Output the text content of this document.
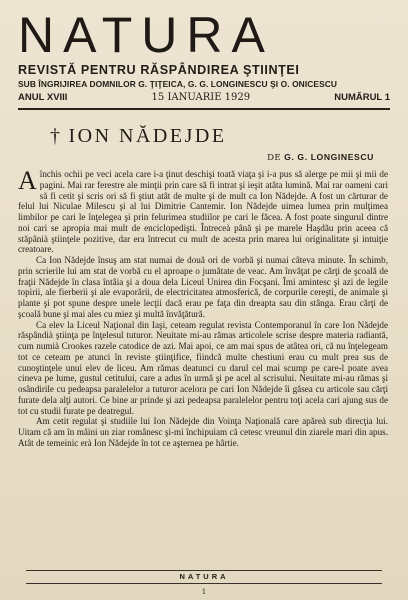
NATURA
REVISTĂ PENTRU RĂSPÂNDIREA ŞTIINŢEI
SUB ÎNGRIJIREA DOMNILOR G. ŢIŢEICA, G. G. LONGINESCU ŞI O. ONICESCU
ANUL XVIII	15 IANUARIE 1929	NUMĂRUL 1
† ION NĂDEJDE
DE G. G. LONGINESCU

Aînchis ochii pe veci acela care i-a ţinut deschişi toată viaţa şi i-a pus să alerge pe mii şi mii de pagini. Mai rar ferestre ale minţii prin care să fi intrat şi ieşit atâta lumină. Mai rar oameni cari să fi cetit şi scris ori să fi ştiut atât de multe şi de mult ca Ion Nădejde. A fost un cărturar de felul lui Niculae Milescu şi al lui Dimitrie Cantemir. Ion Nădejde uimea lumea prin mulţimea limbilor pe cari le înţelegea şi prin felurimea studiilor pe cari le făcea. A fost poate singurul dintre noi cari se apropia mai mult de enciclopedişti. Întreceà până şi pe marele Haşdău prin aceea că stăpânià ştiinţele pozitive, dar era întrecut cu mult de acesta prin marea lui originalitate şi intuiţie creatoare.

Ca Ion Nădejde însuş am stat numai de două ori de vorbă şi numai câteva minute. În schimb, prin scrierile lui am stat de vorbă cu el aproape o jumătate de veac. Am învăţat pe cărţi de şcoală de fraţii Nădejde în clasa întâia şi a doua dela Liceul Unirea din Focşani. Îmi amintesc şi azi de legile topirii, ale fierberii şi ale evaporării, de electricitatea atmosferică, de corpurile cereşti, de animale şi plante şi pot spune despre unele lecţii dacă erau pe faţa din dreapta sau din stânga. Erau cărţi de şcoală bune şi mai ales cu miez şi multă învăţătură.

Ca elev la Liceul Naţional din Iaşi, ceteam regulat revista Contemporanul în care Ion Nădejde răspândià ştiinţa pe înţelesul tuturor. Neuitate mi-au rămas articolele scrise despre materia radiantă, cum numià Crookes razele catodice de azi. Mai apoi, ce am mai spus de atâtea ori, că nu înţelegeam tot ce ceteam pe atunci în reviste ştiinţifice, fiindcă multe chestiuni erau cu mult prea sus de cunoştinţele unui elev de liceu. Am rămas deatunci cu darul cel mai scump pe care-l poate avea cineva pe lume, gustul cetitului, care a adus în urmă şi pe acel al scrisului. Neuitate mi-au rămas şi osândirile cu pedeapsa paralelelor a tuturor acelora pe cari Ion Nădejde îi găsea cu articole sau cărţi furate dela alţi autori. Ce bine ar prinde şi azi pedeapsa paralelelor pentru toţi acela cari ajung sus de tot cu studii furate pe deatregul.

Am cetit regulat şi studiile lui Ion Nădejde din Voinţa Naţională care apăreà sub direcţia lui. Uitam că am în mâini un ziar românesc şi-mi închipuiam că cetesc vreunul din ziarele mari din apus. Atât de temeinic erà Ion Nădejde în tot ce aşternea pe hârtie.

NATURA
1
